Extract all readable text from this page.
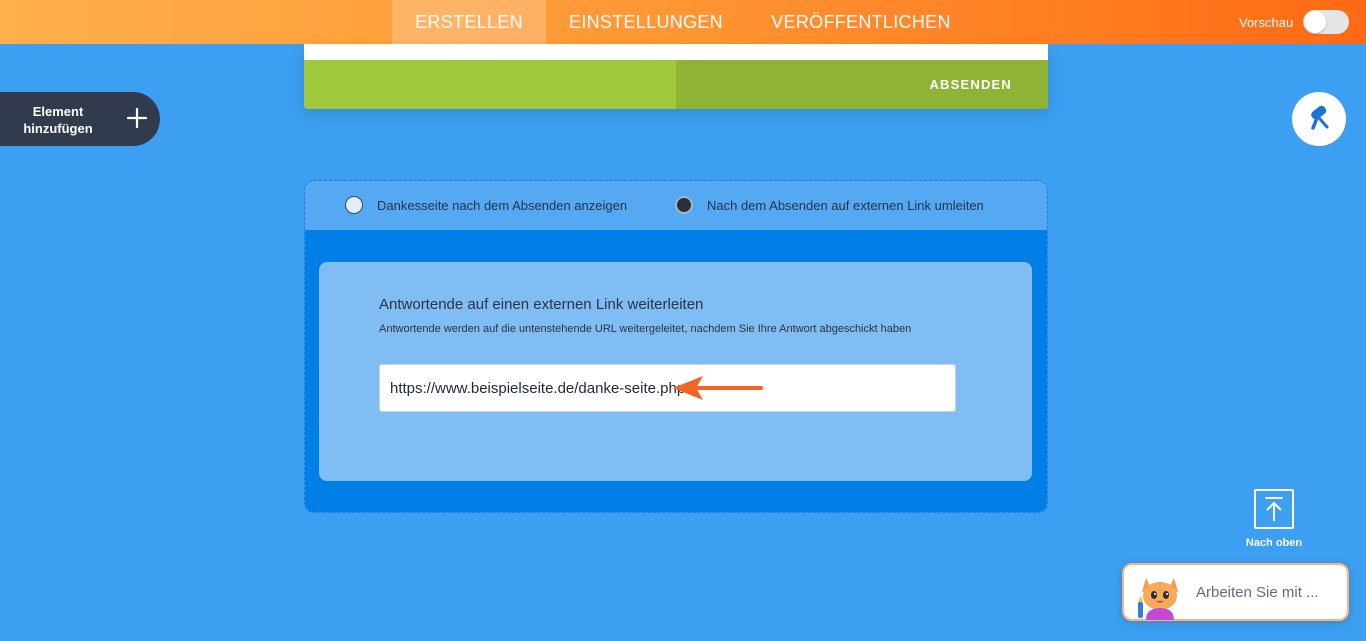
ERSTELLEN	EINSTELLUNGEN	VERÖFFENTLICHEN	Vorschau
Element hinzufügen
ABSENDEN
Dankesseite nach dem Absenden anzeigen	Nach dem Absenden auf externen Link umleiten
Antwortende auf einen externen Link weiterleiten
Antwortende werden auf die untenstehende URL weitergeleitet, nachdem Sie Ihre Antwort abgeschickt haben
https://www.beispielseite.de/danke-seite.php
Nach oben
Arbeiten Sie mit ...
